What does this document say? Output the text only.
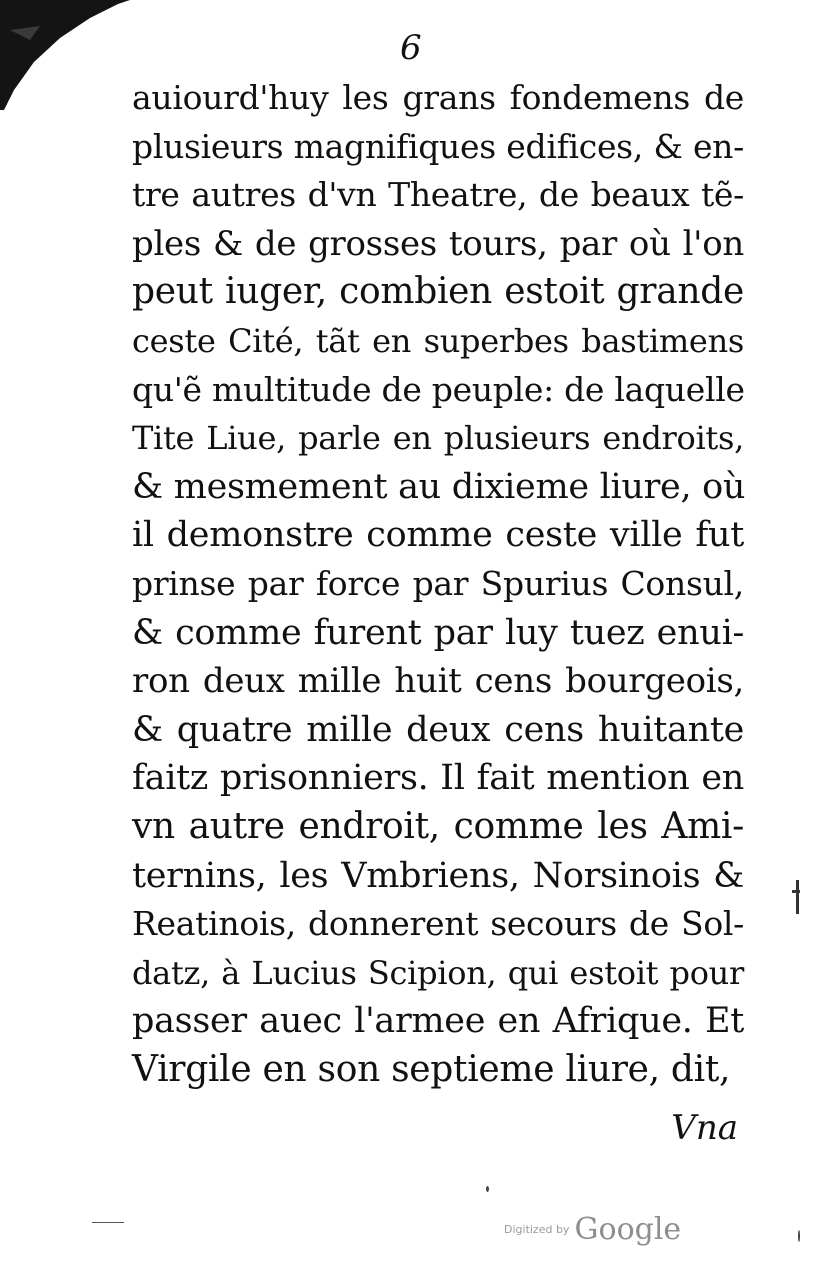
6
auiourd'huy les grans fondemens de
plusieurs magnifiques edifices, & en-
tre autres d'vn Theatre, de beaux tẽ-
ples & de grosses tours, par où l'on
peut iuger, combien estoit grande
ceste Cité, tãt en superbes bastimens
qu'ẽ multitude de peuple: de laquelle
Tite Liue, parle en plusieurs endroits,
& mesmement au dixieme liure, où
il demonstre comme ceste ville fut
prinse par force par Spurius Consul,
& comme furent par luy tuez enui-
ron deux mille huit cens bourgeois,
& quatre mille deux cens huitante
faitz prisonniers. Il fait mention en
vn autre endroit, comme les Ami-
ternins, les Vmbriens, Norsinois &
Reatinois, donnerent secours de Sol-
datz, à Lucius Scipion, qui estoit pour
passer auec l'armee en Afrique. Et
Virgile en son septieme liure, dit,
Vna
Digitized by Google
